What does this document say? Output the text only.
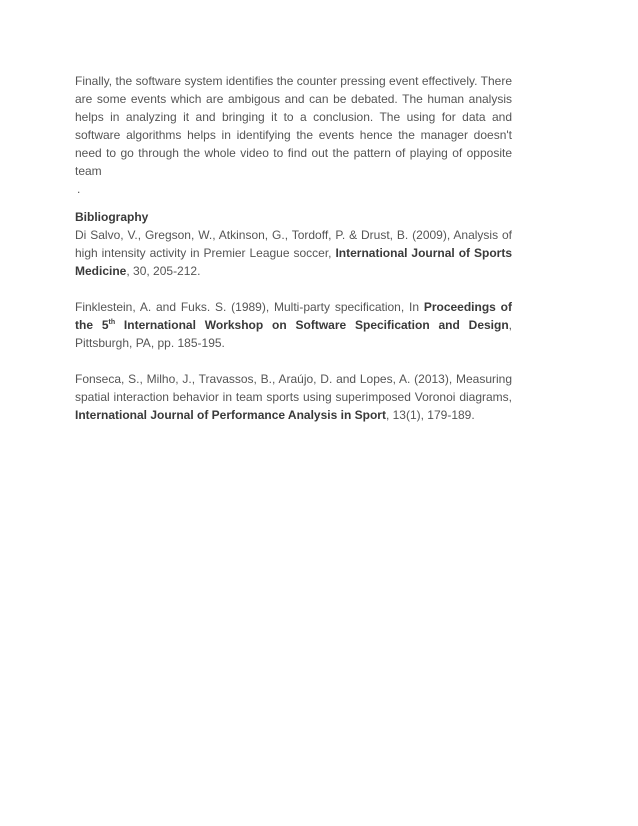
Finally, the software system identifies the counter pressing event effectively. There are some events which are ambigous and can be debated. The human analysis helps in analyzing it and bringing it to a conclusion. The using for data and software algorithms helps in identifying the events hence the manager doesn't need to go through the whole video to find out the pattern of playing of opposite team

.
Bibliography

Di Salvo, V., Gregson, W., Atkinson, G., Tordoff, P. & Drust, B. (2009), Analysis of high intensity activity in Premier League soccer, International Journal of Sports Medicine, 30, 205-212.

Finklestein, A. and Fuks. S. (1989), Multi-party specification, In Proceedings of the 5th International Workshop on Software Specification and Design, Pittsburgh, PA, pp. 185-195.

Fonseca, S., Milho, J., Travassos, B., Araújo, D. and Lopes, A. (2013), Measuring spatial interaction behavior in team sports using superimposed Voronoi diagrams, International Journal of Performance Analysis in Sport, 13(1), 179-189.
